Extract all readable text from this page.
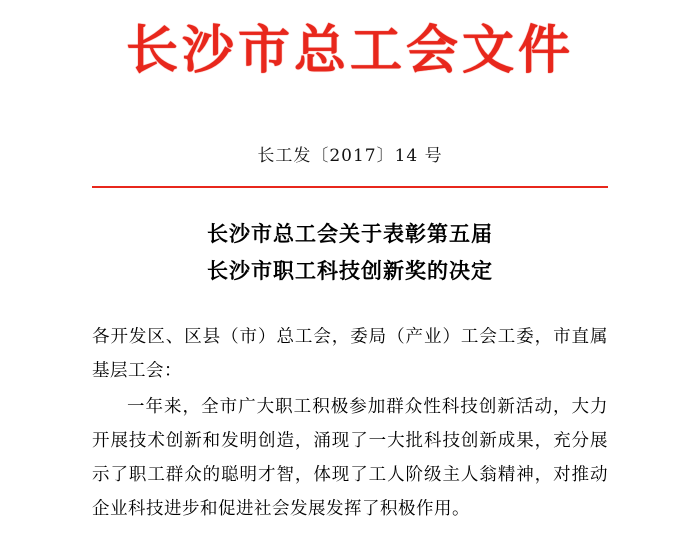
长沙市总工会文件
长工发〔2017〕14 号
长沙市总工会关于表彰第五届
长沙市职工科技创新奖的决定

各开发区、区县（市）总工会，委局（产业）工会工委，市直属基层工会：

一年来，全市广大职工积极参加群众性科技创新活动，大力开展技术创新和发明创造，涌现了一大批科技创新成果，充分展示了职工群众的聪明才智，体现了工人阶级主人翁精神，对推动企业科技进步和促进社会发展发挥了积极作用。
